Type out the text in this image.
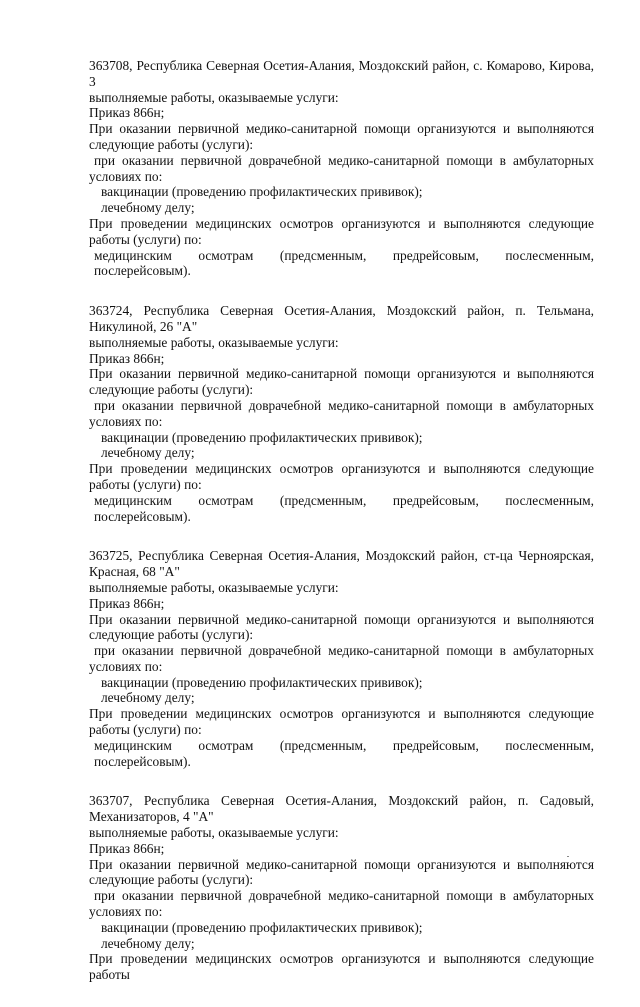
363708, Республика Северная Осетия-Алания, Моздокский район, с. Комарово, Кирова, 3

выполняемые работы, оказываемые услуги:

Приказ 866н;

При оказании первичной медико-санитарной помощи организуются и выполняются следующие работы (услуги):

при оказании первичной доврачебной медико-санитарной помощи в амбулаторных условиях по:

вакцинации (проведению профилактических прививок);

лечебному делу;

При проведении медицинских осмотров организуются и выполняются следующие работы (услуги) по:

медицинским осмотрам (предсменным, предрейсовым, послесменным, послерейсовым).

363724, Республика Северная Осетия-Алания, Моздокский район, п. Тельмана, Никулиной, 26 "А"

выполняемые работы, оказываемые услуги:

Приказ 866н;

При оказании первичной медико-санитарной помощи организуются и выполняются следующие работы (услуги):

при оказании первичной доврачебной медико-санитарной помощи в амбулаторных условиях по:

вакцинации (проведению профилактических прививок);

лечебному делу;

При проведении медицинских осмотров организуются и выполняются следующие работы (услуги) по:

медицинским осмотрам (предсменным, предрейсовым, послесменным, послерейсовым).

363725, Республика Северная Осетия-Алания, Моздокский район, ст-ца Черноярская, Красная, 68 "А"

выполняемые работы, оказываемые услуги:

Приказ 866н;

При оказании первичной медико-санитарной помощи организуются и выполняются следующие работы (услуги):

при оказании первичной доврачебной медико-санитарной помощи в амбулаторных условиях по:

вакцинации (проведению профилактических прививок);

лечебному делу;

При проведении медицинских осмотров организуются и выполняются следующие работы (услуги) по:

медицинским осмотрам (предсменным, предрейсовым, послесменным, послерейсовым).

363707, Республика Северная Осетия-Алания, Моздокский район, п. Садовый, Механизаторов, 4 "А"

выполняемые работы, оказываемые услуги:

Приказ 866н;

При оказании первичной медико-санитарной помощи организуются и выполняются следующие работы (услуги):

при оказании первичной доврачебной медико-санитарной помощи в амбулаторных условиях по:

вакцинации (проведению профилактических прививок);

лечебному делу;

При проведении медицинских осмотров организуются и выполняются следующие работы
